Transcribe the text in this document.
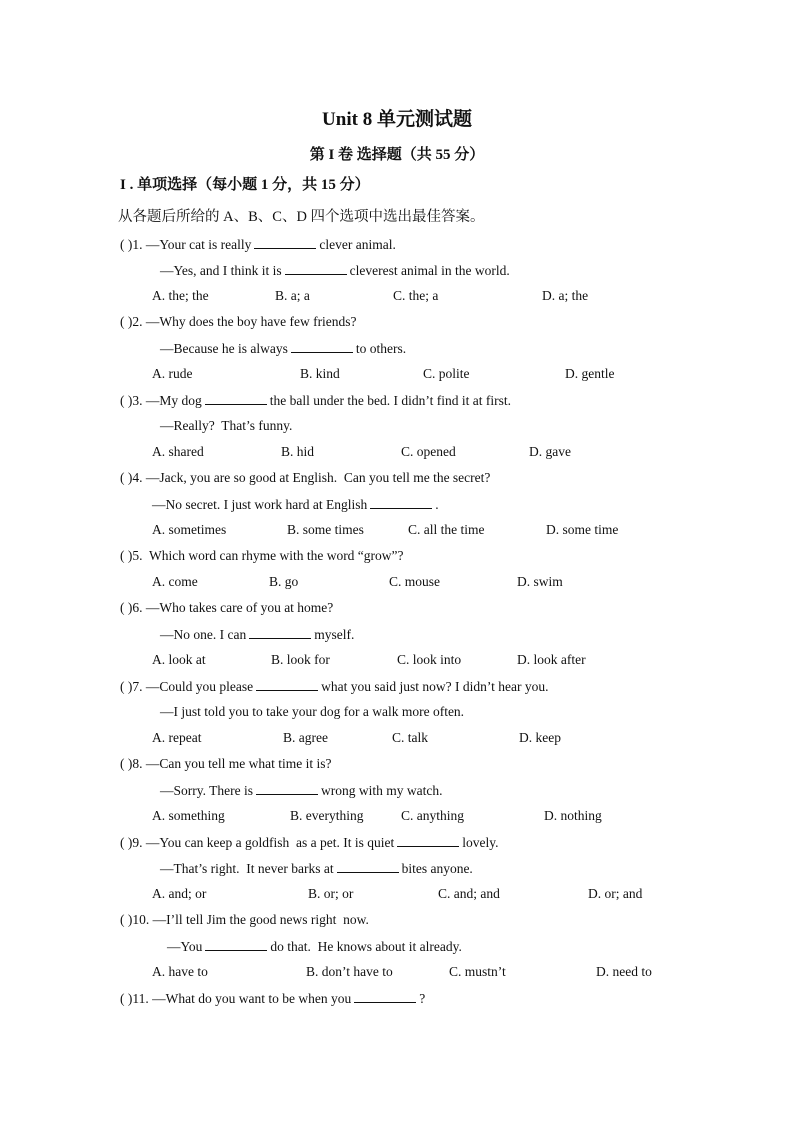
Unit 8 单元测试题
第 I 卷 选择题（共 55 分）
I . 单项选择（每小题 1 分，共 15 分）
从各题后所给的 A、B、C、D 四个选项中选出最佳答案。
( )1. —Your cat is really	clever animal.
—Yes, and I think it is	cleverest animal in the world.
A. the; the	B. a; a	C. the; a	D. a; the
( )2. —Why does the boy have few friends?
—Because he is always	to others.
A. rude	B. kind	C. polite	D. gentle
( )3. —My dog	the ball under the bed. I didn’t find it at first.
—Really?  That’s funny.
A. shared	B. hid	C. opened	D. gave
( )4. —Jack, you are so good at English.  Can you tell me the secret?
—No secret. I just work hard at English	.
A. sometimes	B. some times	C. all the time	D. some time
( )5.  Which word can rhyme with the word “grow”?
A. come	B. go	C. mouse	D. swim
( )6. —Who takes care of you at home?
—No one. I can	myself.
A. look at	B. look for	C. look into	D. look after
( )7. —Could you please	what you said just now? I didn’t hear you.
—I just told you to take your dog for a walk more often.
A. repeat	B. agree	C. talk	D. keep
( )8. —Can you tell me what time it is?
—Sorry. There is	wrong with my watch.
A. something	B. everything	C. anything	D. nothing
( )9. —You can keep a goldfish  as a pet. It is quiet	lovely.
—That’s right.  It never barks at	bites anyone.
A. and; or	B. or; or	C. and; and	D. or; and
( )10. —I’ll tell Jim the good news right  now.
—You	do that.  He knows about it already.
A. have to	B. don’t have to	C. mustn’t	D. need to
( )11. —What do you want to be when you	?
